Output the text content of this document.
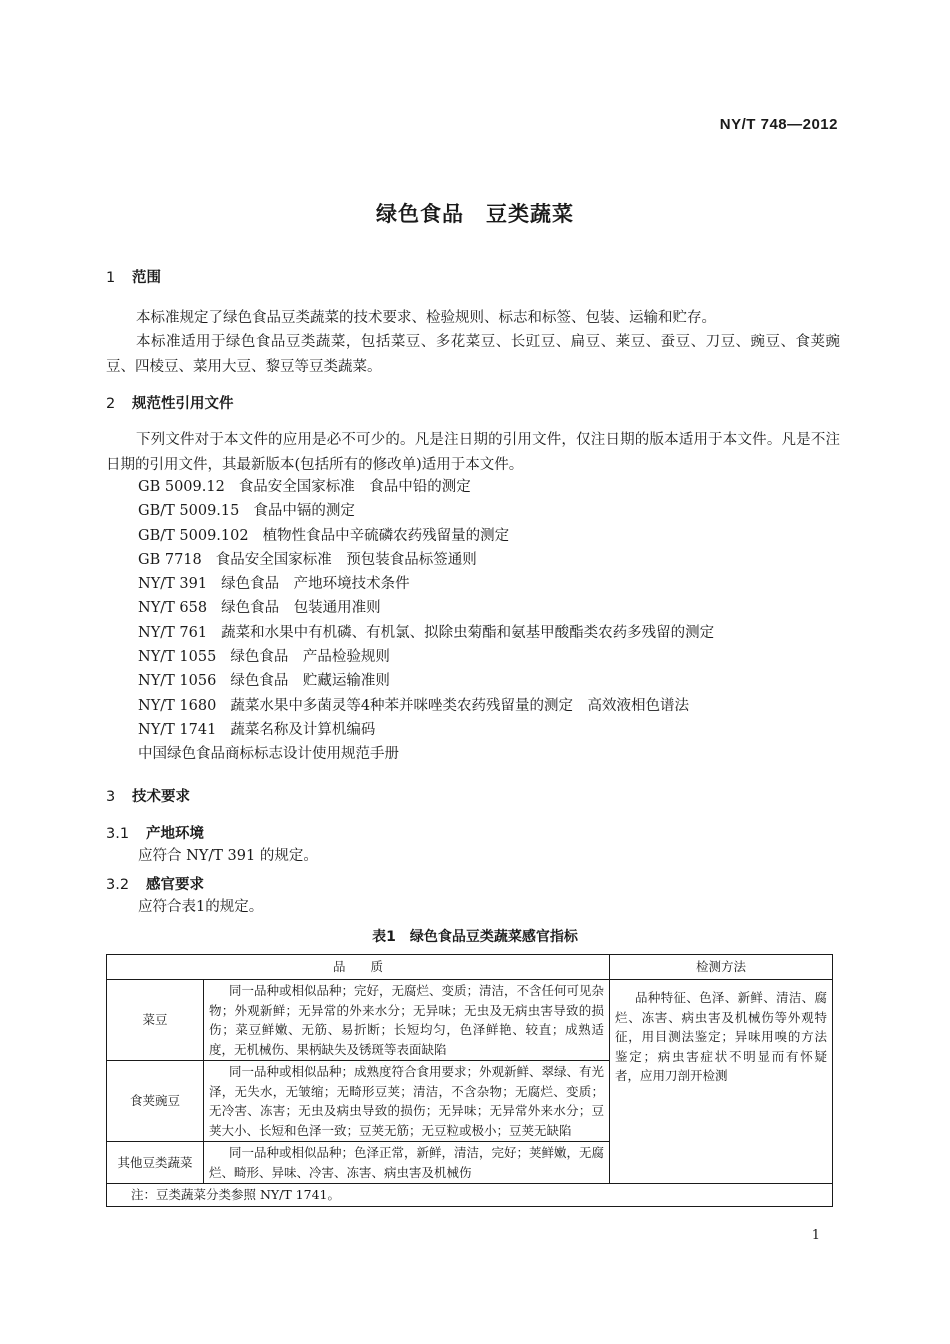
NY/T 748—2012
绿色食品　豆类蔬菜
1 范围

本标准规定了绿色食品豆类蔬菜的技术要求、检验规则、标志和标签、包装、运输和贮存。

本标准适用于绿色食品豆类蔬菜，包括菜豆、多花菜豆、长豇豆、扁豆、莱豆、蚕豆、刀豆、豌豆、食荚豌豆、四棱豆、菜用大豆、黎豆等豆类蔬菜。

2 规范性引用文件

下列文件对于本文件的应用是必不可少的。凡是注日期的引用文件，仅注日期的版本适用于本文件。凡是不注日期的引用文件，其最新版本(包括所有的修改单)适用于本文件。

GB 5009.12 食品安全国家标准　食品中铅的测定
GB/T 5009.15 食品中镉的测定
GB/T 5009.102 植物性食品中辛硫磷农药残留量的测定
GB 7718 食品安全国家标准　预包装食品标签通则
NY/T 391 绿色食品　产地环境技术条件
NY/T 658 绿色食品　包装通用准则
NY/T 761 蔬菜和水果中有机磷、有机氯、拟除虫菊酯和氨基甲酸酯类农药多残留的测定
NY/T 1055 绿色食品　产品检验规则
NY/T 1056 绿色食品　贮藏运输准则
NY/T 1680 蔬菜水果中多菌灵等4种苯并咪唑类农药残留量的测定　高效液相色谱法
NY/T 1741 蔬菜名称及计算机编码
中国绿色食品商标标志设计使用规范手册
3 技术要求
3.1 产地环境
应符合 NY/T 391 的规定。
3.2 感官要求
应符合表1的规定。
表1　绿色食品豆类蔬菜感官指标
品　　质		检测方法
菜豆	同一品种或相似品种；完好，无腐烂、变质；清洁，不含任何可见杂物；外观新鲜；无异常的外来水分；无异味；无虫及无病虫害导致的损伤；菜豆鲜嫩、无筋、易折断；长短均匀，色泽鲜艳、较直；成熟适度，无机械伤、果柄缺失及锈斑等表面缺陷	品种特征、色泽、新鲜、清洁、腐烂、冻害、病虫害及机械伤等外观特征，用目测法鉴定；异味用嗅的方法鉴定；病虫害症状不明显而有怀疑者，应用刀剖开检测
食荚豌豆	同一品种或相似品种；成熟度符合食用要求；外观新鲜、翠绿、有光泽，无失水，无皱缩；无畸形豆荚；清洁，不含杂物；无腐烂、变质；无冷害、冻害；无虫及病虫导致的损伤；无异味；无异常外来水分；豆荚大小、长短和色泽一致；豆荚无筋；无豆粒或极小；豆荚无缺陷	
其他豆类蔬菜	同一品种或相似品种；色泽正常，新鲜，清洁，完好；荚鲜嫩，无腐烂、畸形、异味、冷害、冻害、病虫害及机械伤	
注：豆类蔬菜分类参照 NY/T 1741。		
1
